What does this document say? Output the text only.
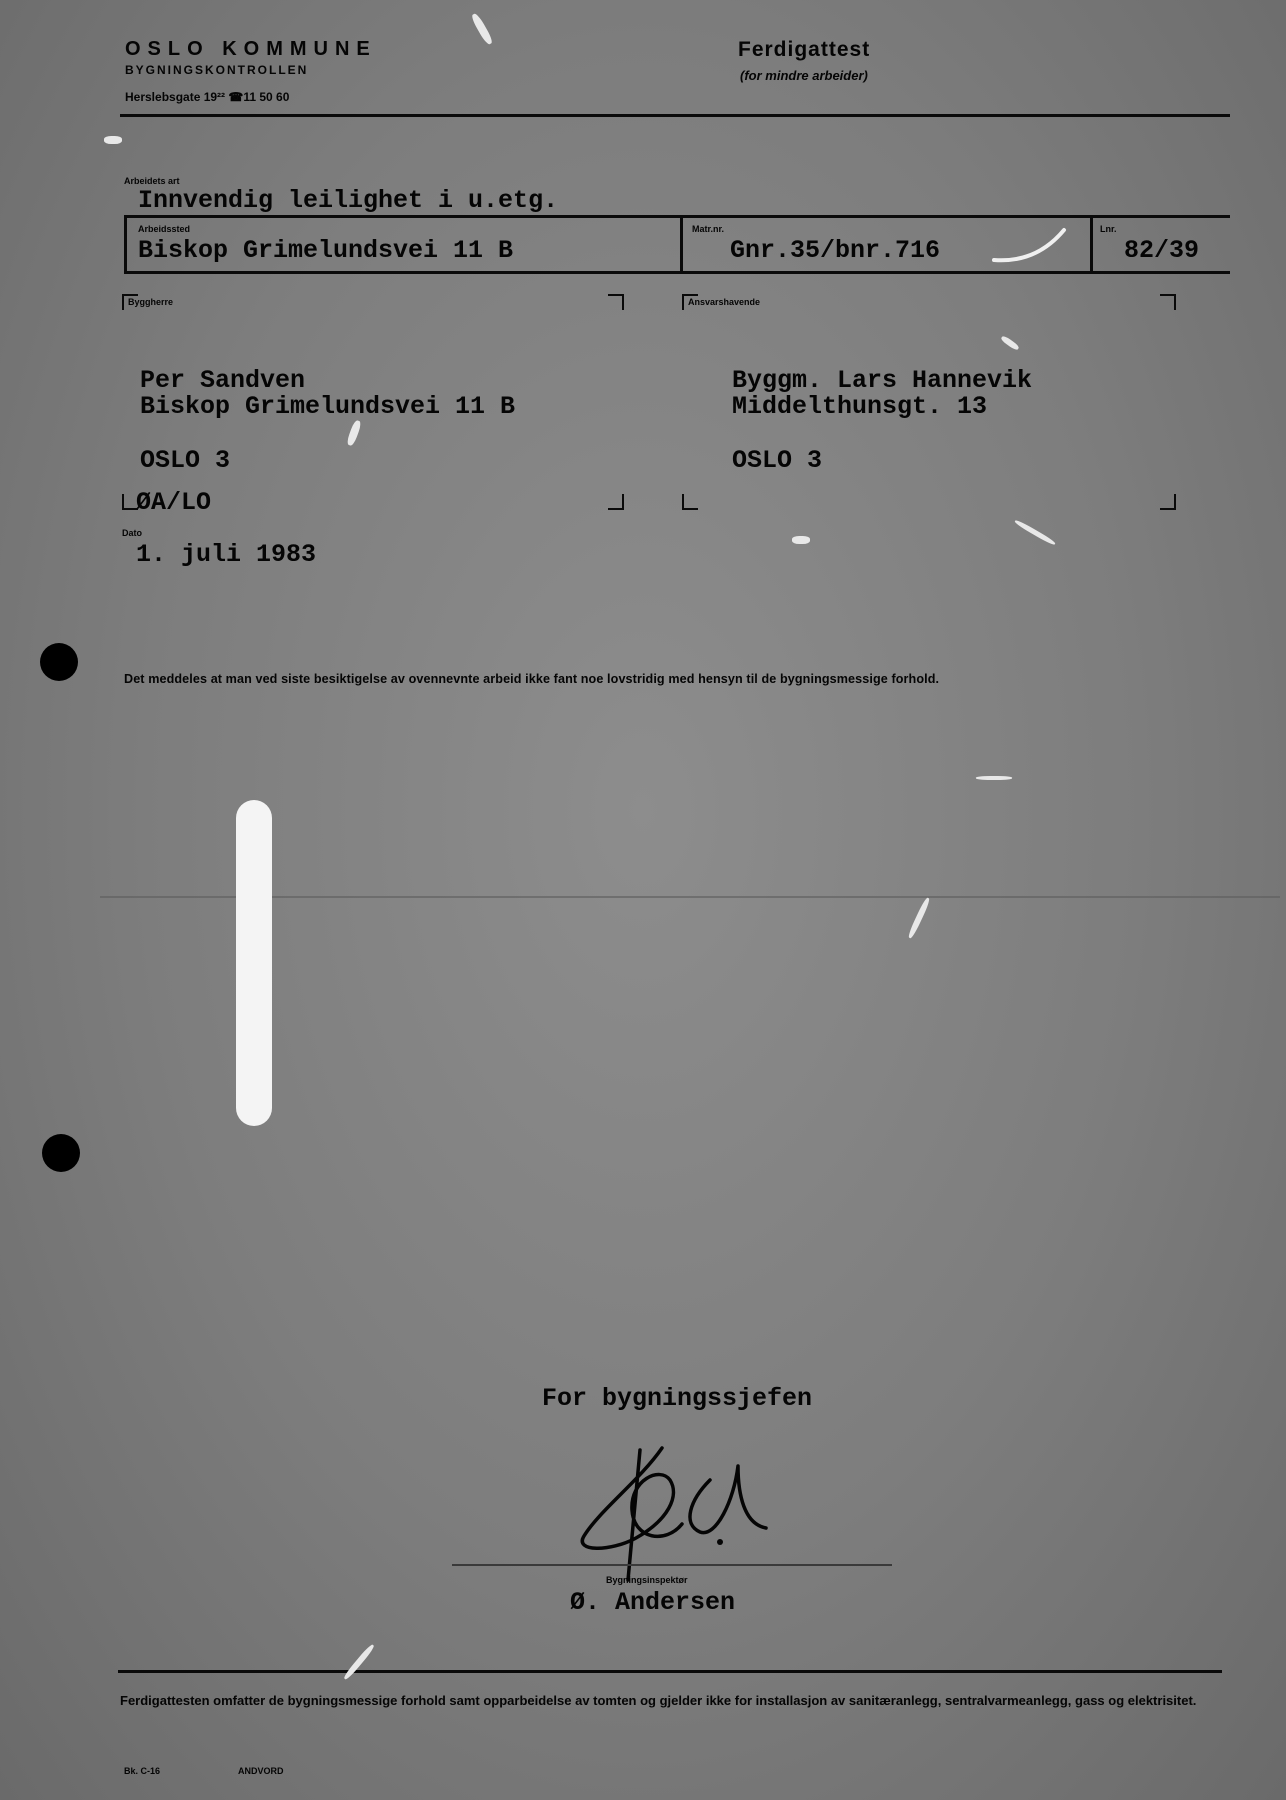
OSLO KOMMUNE
BYGNINGSKONTROLLEN
Herslebsgate 19²² ☎11 50 60
Ferdigattest
(for mindre arbeider)
Arbeidets art
Innvendig leilighet i u.etg.
Arbeidssted
Biskop Grimelundsvei 11 B
Matr.nr.
Gnr.35/bnr.716
Lnr.
82/39
Byggherre
Per Sandven
Biskop Grimelundsvei 11 B
OSLO 3
ØA/LO
Ansvarshavende
Byggm. Lars Hannevik
Middelthunsgt. 13
OSLO 3
Dato
1. juli 1983
Det meddeles at man ved siste besiktigelse av ovennevnte arbeid ikke fant noe lovstridig med hensyn til de bygningsmessige forhold.
For bygningssjefen
Bygningsinspektør
Ø. Andersen
Ferdigattesten omfatter de bygningsmessige forhold samt opparbeidelse av tomten og gjelder ikke for installasjon av sanitæranlegg, sentralvarmeanlegg, gass og elektrisitet.
Bk. C-16	ANDVORD
